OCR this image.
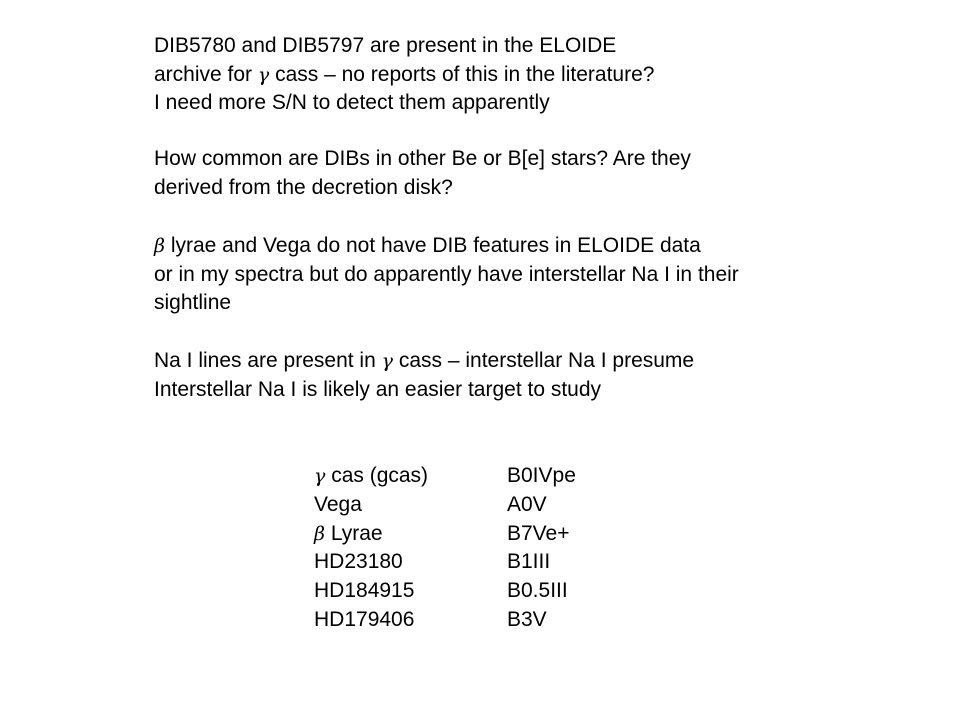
DIB5780 and DIB5797 are present in the ELOIDE
archive for γ cass – no reports of this in the literature?
I need more S/N to detect them apparently

How common are DIBs in other Be or B[e] stars? Are they
derived from the decretion disk?

β lyrae and Vega do not have DIB features in ELOIDE data
or in my spectra but do apparently have interstellar Na I in their
sightline

Na I lines are present in γ cass – interstellar Na I presume
Interstellar Na I is likely an easier target to study

γ cas (gcas)	B0IVpe
Vega	A0V
β Lyrae	B7Ve+
HD23180	B1III
HD184915	B0.5III
HD179406	B3V
